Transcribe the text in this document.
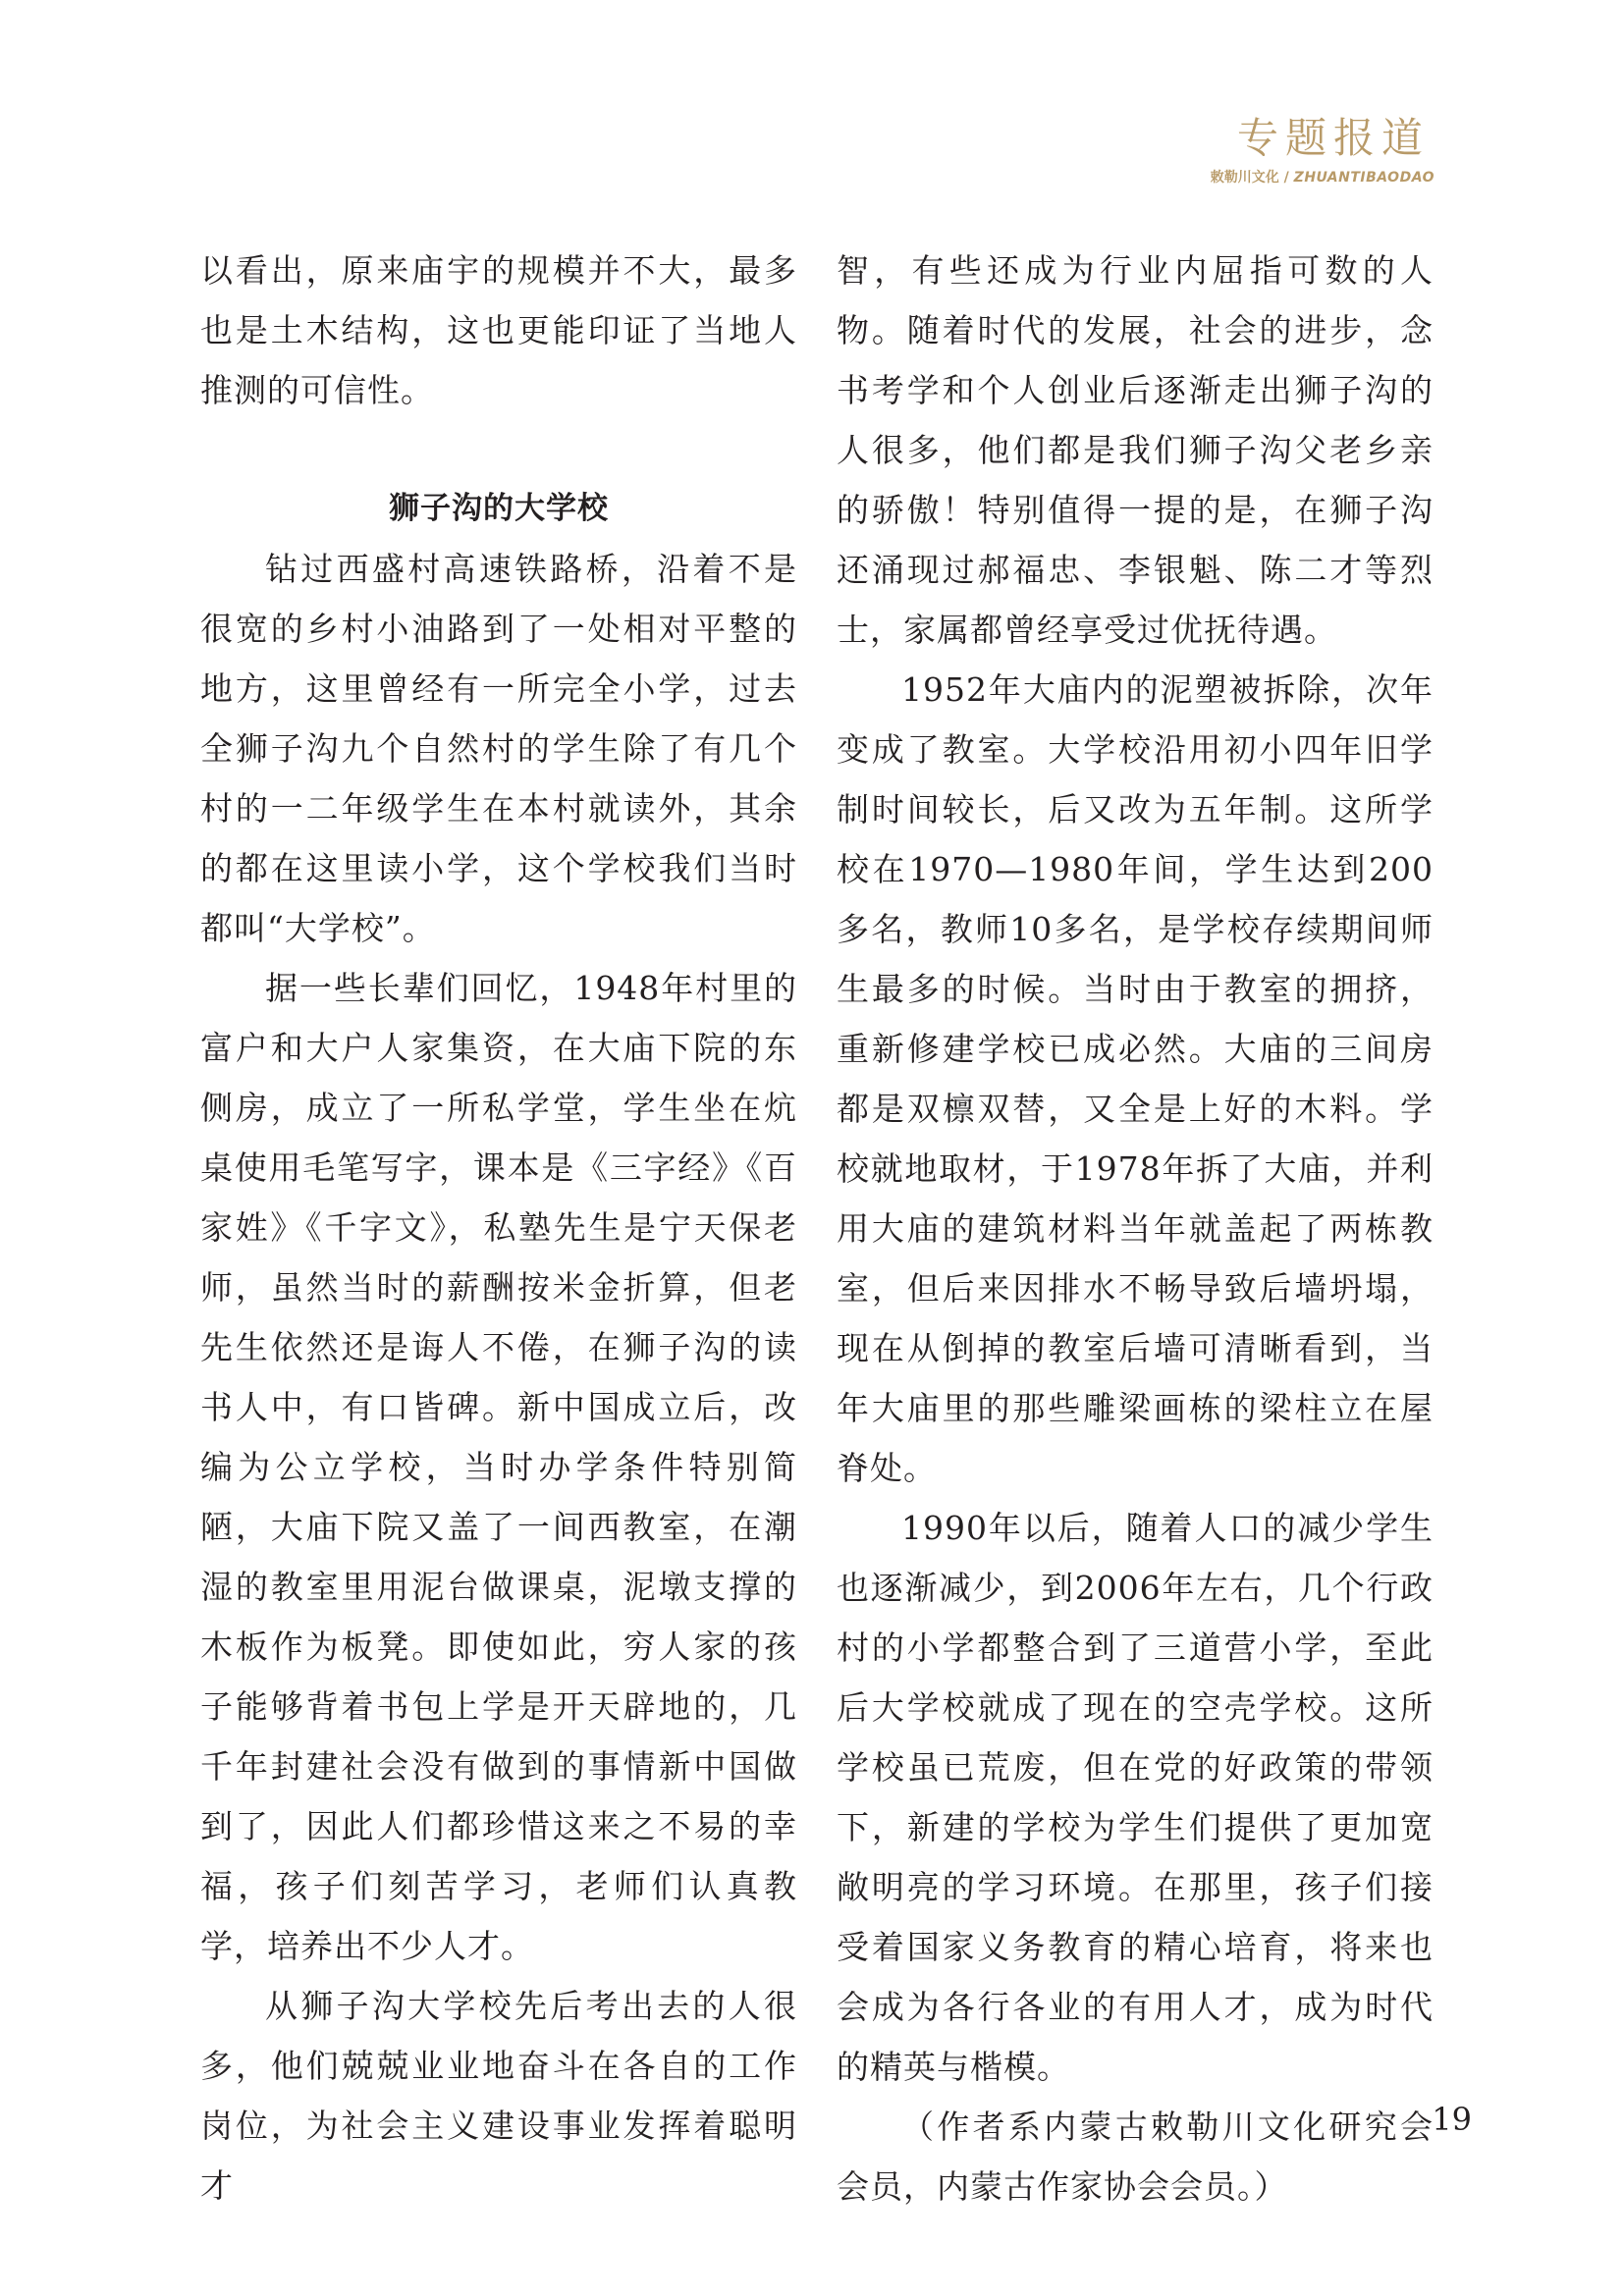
专题报道
敕勒川文化 / ZHUANTIBAODAO

以看出，原来庙宇的规模并不大，最多也是土木结构，这也更能印证了当地人推测的可信性。

狮子沟的大学校

钻过西盛村高速铁路桥，沿着不是很宽的乡村小油路到了一处相对平整的地方，这里曾经有一所完全小学，过去全狮子沟九个自然村的学生除了有几个村的一二年级学生在本村就读外，其余的都在这里读小学，这个学校我们当时都叫“大学校”。

据一些长辈们回忆，1948年村里的富户和大户人家集资，在大庙下院的东侧房，成立了一所私学堂，学生坐在炕桌使用毛笔写字，课本是《三字经》《百家姓》《千字文》，私塾先生是宁天保老师，虽然当时的薪酬按米金折算，但老先生依然还是诲人不倦，在狮子沟的读书人中，有口皆碑。新中国成立后，改编为公立学校，当时办学条件特别简陋，大庙下院又盖了一间西教室，在潮湿的教室里用泥台做课桌，泥墩支撑的木板作为板凳。即使如此，穷人家的孩子能够背着书包上学是开天辟地的，几千年封建社会没有做到的事情新中国做到了，因此人们都珍惜这来之不易的幸福，孩子们刻苦学习，老师们认真教学，培养出不少人才。

从狮子沟大学校先后考出去的人很多，他们兢兢业业地奋斗在各自的工作岗位，为社会主义建设事业发挥着聪明才

智，有些还成为行业内屈指可数的人物。随着时代的发展，社会的进步，念书考学和个人创业后逐渐走出狮子沟的人很多，他们都是我们狮子沟父老乡亲的骄傲！特别值得一提的是，在狮子沟还涌现过郝福忠、李银魁、陈二才等烈士，家属都曾经享受过优抚待遇。

1952年大庙内的泥塑被拆除，次年变成了教室。大学校沿用初小四年旧学制时间较长，后又改为五年制。这所学校在1970—1980年间，学生达到200多名，教师10多名，是学校存续期间师生最多的时候。当时由于教室的拥挤，重新修建学校已成必然。大庙的三间房都是双檩双替，又全是上好的木料。学校就地取材，于1978年拆了大庙，并利用大庙的建筑材料当年就盖起了两栋教室，但后来因排水不畅导致后墙坍塌，现在从倒掉的教室后墙可清晰看到，当年大庙里的那些雕梁画栋的梁柱立在屋脊处。

1990年以后，随着人口的减少学生也逐渐减少，到2006年左右，几个行政村的小学都整合到了三道营小学，至此后大学校就成了现在的空壳学校。这所学校虽已荒废，但在党的好政策的带领下，新建的学校为学生们提供了更加宽敞明亮的学习环境。在那里，孩子们接受着国家义务教育的精心培育，将来也会成为各行各业的有用人才，成为时代的精英与楷模。

（作者系内蒙古敕勒川文化研究会会员，内蒙古作家协会会员。）

19
